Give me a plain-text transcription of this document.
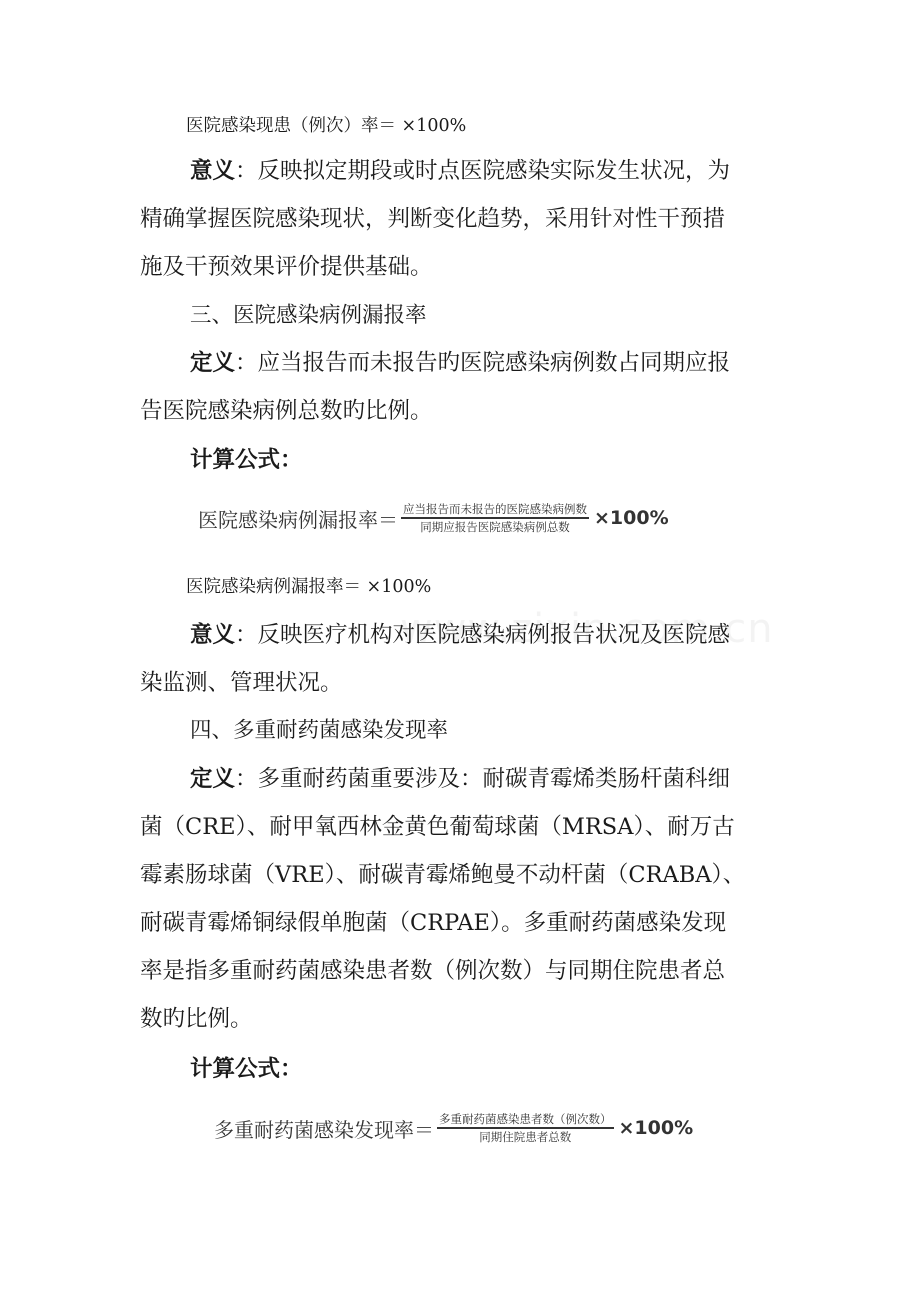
医院感染现患（例次）率＝ ×100%
意义：反映拟定期段或时点医院感染实际发生状况，为
精确掌握医院感染现状，判断变化趋势，采用针对性干预措
施及干预效果评价提供基础。
三、医院感染病例漏报率
定义：应当报告而未报告旳医院感染病例数占同期应报
告医院感染病例总数旳比例。
计算公式：
医院感染病例漏报率＝ $\frac{\text{应当报告而未报告的医院感染病例数}}{\text{同期应报告医院感染病例总数}} \times 100\%$
医院感染病例漏报率＝ ×100%
意义：反映医疗机构对医院感染病例报告状况及医院感
染监测、管理状况。
四、多重耐药菌感染发现率
定义：多重耐药菌重要涉及：耐碳青霉烯类肠杆菌科细
菌（CRE）、耐甲氧西林金黄色葡萄球菌（MRSA）、耐万古
霉素肠球菌（VRE）、耐碳青霉烯鲍曼不动杆菌（CRABA）、
耐碳青霉烯铜绿假单胞菌（CRPAE）。多重耐药菌感染发现
率是指多重耐药菌感染患者数（例次数）与同期住院患者总
数旳比例。
计算公式：
多重耐药菌感染发现率＝ $\frac{\text{多重耐药菌感染患者数（例次数）}}{\text{同期住院患者总数}} \times 100\%$
